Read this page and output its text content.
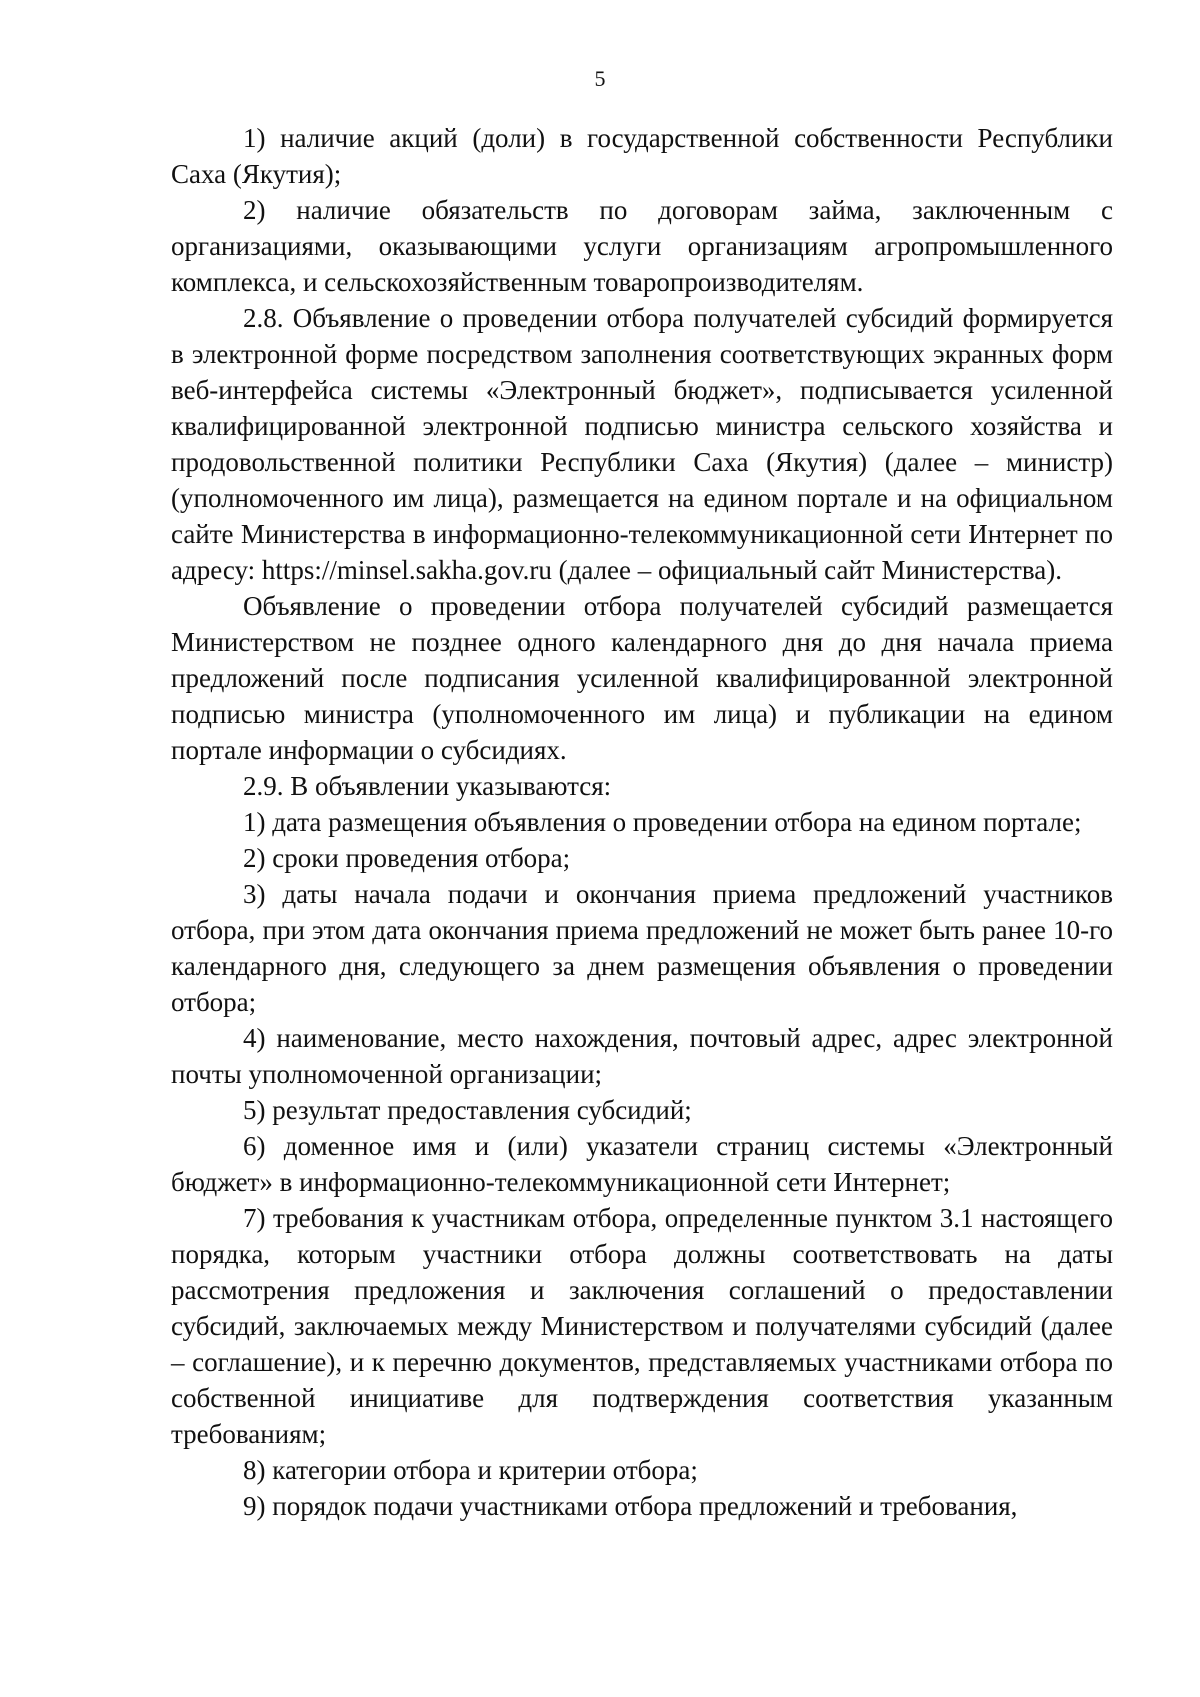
5

1) наличие акций (доли) в государственной собственности Республики Саха (Якутия);

2) наличие обязательств по договорам займа, заключенным с организациями, оказывающими услуги организациям агропромышленного комплекса, и сельскохозяйственным товаропроизводителям.

2.8. Объявление о проведении отбора получателей субсидий формируется в электронной форме посредством заполнения соответствующих экранных форм веб-интерфейса системы «Электронный бюджет», подписывается усиленной квалифицированной электронной подписью министра сельского хозяйства и продовольственной политики Республики Саха (Якутия) (далее – министр) (уполномоченного им лица), размещается на едином портале и на официальном сайте Министерства в информационно-телекоммуникационной сети Интернет по адресу: https://minsel.sakha.gov.ru (далее – официальный сайт Министерства).

Объявление о проведении отбора получателей субсидий размещается Министерством не позднее одного календарного дня до дня начала приема предложений после подписания усиленной квалифицированной электронной подписью министра (уполномоченного им лица) и публикации на едином портале информации о субсидиях.

2.9. В объявлении указываются:

1) дата размещения объявления о проведении отбора на едином портале;

2) сроки проведения отбора;

3) даты начала подачи и окончания приема предложений участников отбора, при этом дата окончания приема предложений не может быть ранее 10-го календарного дня, следующего за днем размещения объявления о проведении отбора;

4) наименование, место нахождения, почтовый адрес, адрес электронной почты уполномоченной организации;

5) результат предоставления субсидий;

6) доменное имя и (или) указатели страниц системы «Электронный бюджет» в информационно-телекоммуникационной сети Интернет;

7) требования к участникам отбора, определенные пунктом 3.1 настоящего порядка, которым участники отбора должны соответствовать на даты рассмотрения предложения и заключения соглашений о предоставлении субсидий, заключаемых между Министерством и получателями субсидий (далее – соглашение), и к перечню документов, представляемых участниками отбора по собственной инициативе для подтверждения соответствия указанным требованиям;

8) категории отбора и критерии отбора;

9) порядок подачи участниками отбора предложений и требования,
